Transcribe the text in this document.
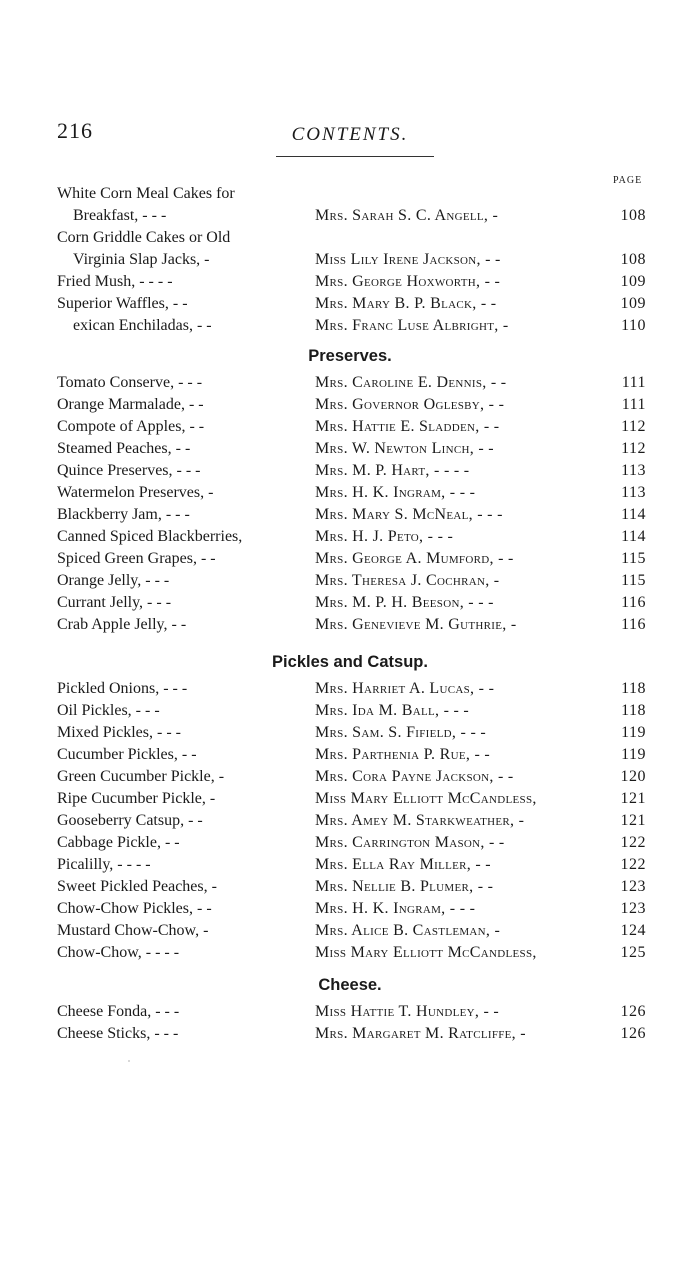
216	CONTENTS.
PAGE
White Corn Meal Cakes for
Breakfast, - - -	Mrs. Sarah S. C. Angell, -	108
Corn Griddle Cakes or Old
Virginia Slap Jacks, -	Miss Lily Irene Jackson, - -	108
Fried Mush, - - - -	Mrs. George Hoxworth, - -	109
Superior Waffles, - -	Mrs. Mary B. P. Black, - -	109
exican Enchiladas, - -	Mrs. Franc Luse Albright, -	110
Preserves.
Tomato Conserve, - - -	Mrs. Caroline E. Dennis, - -	111
Orange Marmalade, - -	Mrs. Governor Oglesby, - -	111
Compote of Apples, - -	Mrs. Hattie E. Sladden, - -	112
Steamed Peaches, - -	Mrs. W. Newton Linch, - -	112
Quince Preserves, - - -	Mrs. M. P. Hart, - - - -	113
Watermelon Preserves, -	Mrs. H. K. Ingram, - - -	113
Blackberry Jam, - - -	Mrs. Mary S. McNeal, - - -	114
Canned Spiced Blackberries,	Mrs. H. J. Peto, - - -	114
Spiced Green Grapes, - -	Mrs. George A. Mumford, - -	115
Orange Jelly, - - -	Mrs. Theresa J. Cochran, -	115
Currant Jelly, - - -	Mrs. M. P. H. Beeson, - - -	116
Crab Apple Jelly, - -	Mrs. Genevieve M. Guthrie, -	116
Pickles and Catsup.
Pickled Onions, - - -	Mrs. Harriet A. Lucas, - -	118
Oil Pickles, - - -	Mrs. Ida M. Ball, - - -	118
Mixed Pickles, - - -	Mrs. Sam. S. Fifield, - - -	119
Cucumber Pickles, - -	Mrs. Parthenia P. Rue, - -	119
Green Cucumber Pickle, -	Mrs. Cora Payne Jackson, - -	120
Ripe Cucumber Pickle, -	Miss Mary Elliott McCandless,	121
Gooseberry Catsup, - -	Mrs. Amey M. Starkweather, -	121
Cabbage Pickle, - -	Mrs. Carrington Mason, - -	122
Picalilly, - - - -	Mrs. Ella Ray Miller, - -	122
Sweet Pickled Peaches, -	Mrs. Nellie B. Plumer, - -	123
Chow-Chow Pickles, - -	Mrs. H. K. Ingram, - - -	123
Mustard Chow-Chow, -	Mrs. Alice B. Castleman, -	124
Chow-Chow, - - - -	Miss Mary Elliott McCandless,	125
Cheese.
Cheese Fonda, - - -	Miss Hattie T. Hundley, - -	126
Cheese Sticks, - - -	Mrs. Margaret M. Ratcliffe, -	126
